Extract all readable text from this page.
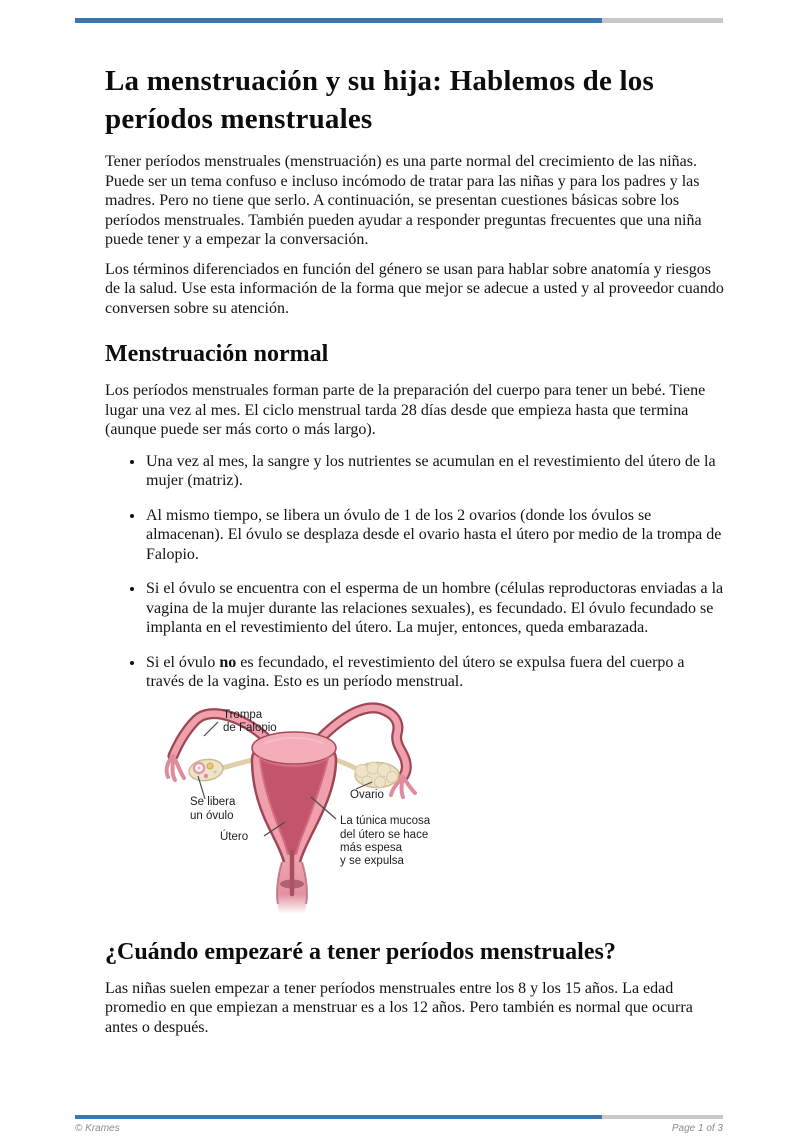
La menstruación y su hija: Hablemos de los períodos menstruales

Tener períodos menstruales (menstruación) es una parte normal del crecimiento de las niñas. Puede ser un tema confuso e incluso incómodo de tratar para las niñas y para los padres y las madres. Pero no tiene que serlo. A continuación, se presentan cuestiones básicas sobre los períodos menstruales. También pueden ayudar a responder preguntas frecuentes que una niña puede tener y a empezar la conversación.

Los términos diferenciados en función del género se usan para hablar sobre anatomía y riesgos de la salud. Use esta información de la forma que mejor se adecue a usted y al proveedor cuando conversen sobre su atención.

Menstruación normal

Los períodos menstruales forman parte de la preparación del cuerpo para tener un bebé. Tiene lugar una vez al mes. El ciclo menstrual tarda 28 días desde que empieza hasta que termina (aunque puede ser más corto o más largo).

• Una vez al mes, la sangre y los nutrientes se acumulan en el revestimiento del útero de la mujer (matriz).
• Al mismo tiempo, se libera un óvulo de 1 de los 2 ovarios (donde los óvulos se almacenan). El óvulo se desplaza desde el ovario hasta el útero por medio de la trompa de Falopio.
• Si el óvulo se encuentra con el esperma de un hombre (células reproductoras enviadas a la vagina de la mujer durante las relaciones sexuales), es fecundado. El óvulo fecundado se implanta en el revestimiento del útero. La mujer, entonces, queda embarazada.
• Si el óvulo no es fecundado, el revestimiento del útero se expulsa fuera del cuerpo a través de la vagina. Esto es un período menstrual.
Trompa
de Falopio
Se libera
un óvulo
Útero
Ovario
La túnica mucosa
del útero se hace
más espesa
y se expulsa
¿Cuándo empezaré a tener períodos menstruales?

Las niñas suelen empezar a tener períodos menstruales entre los 8 y los 15 años. La edad promedio en que empiezan a menstruar es a los 12 años. Pero también es normal que ocurra antes o después.

© Krames	Page 1 of 3
